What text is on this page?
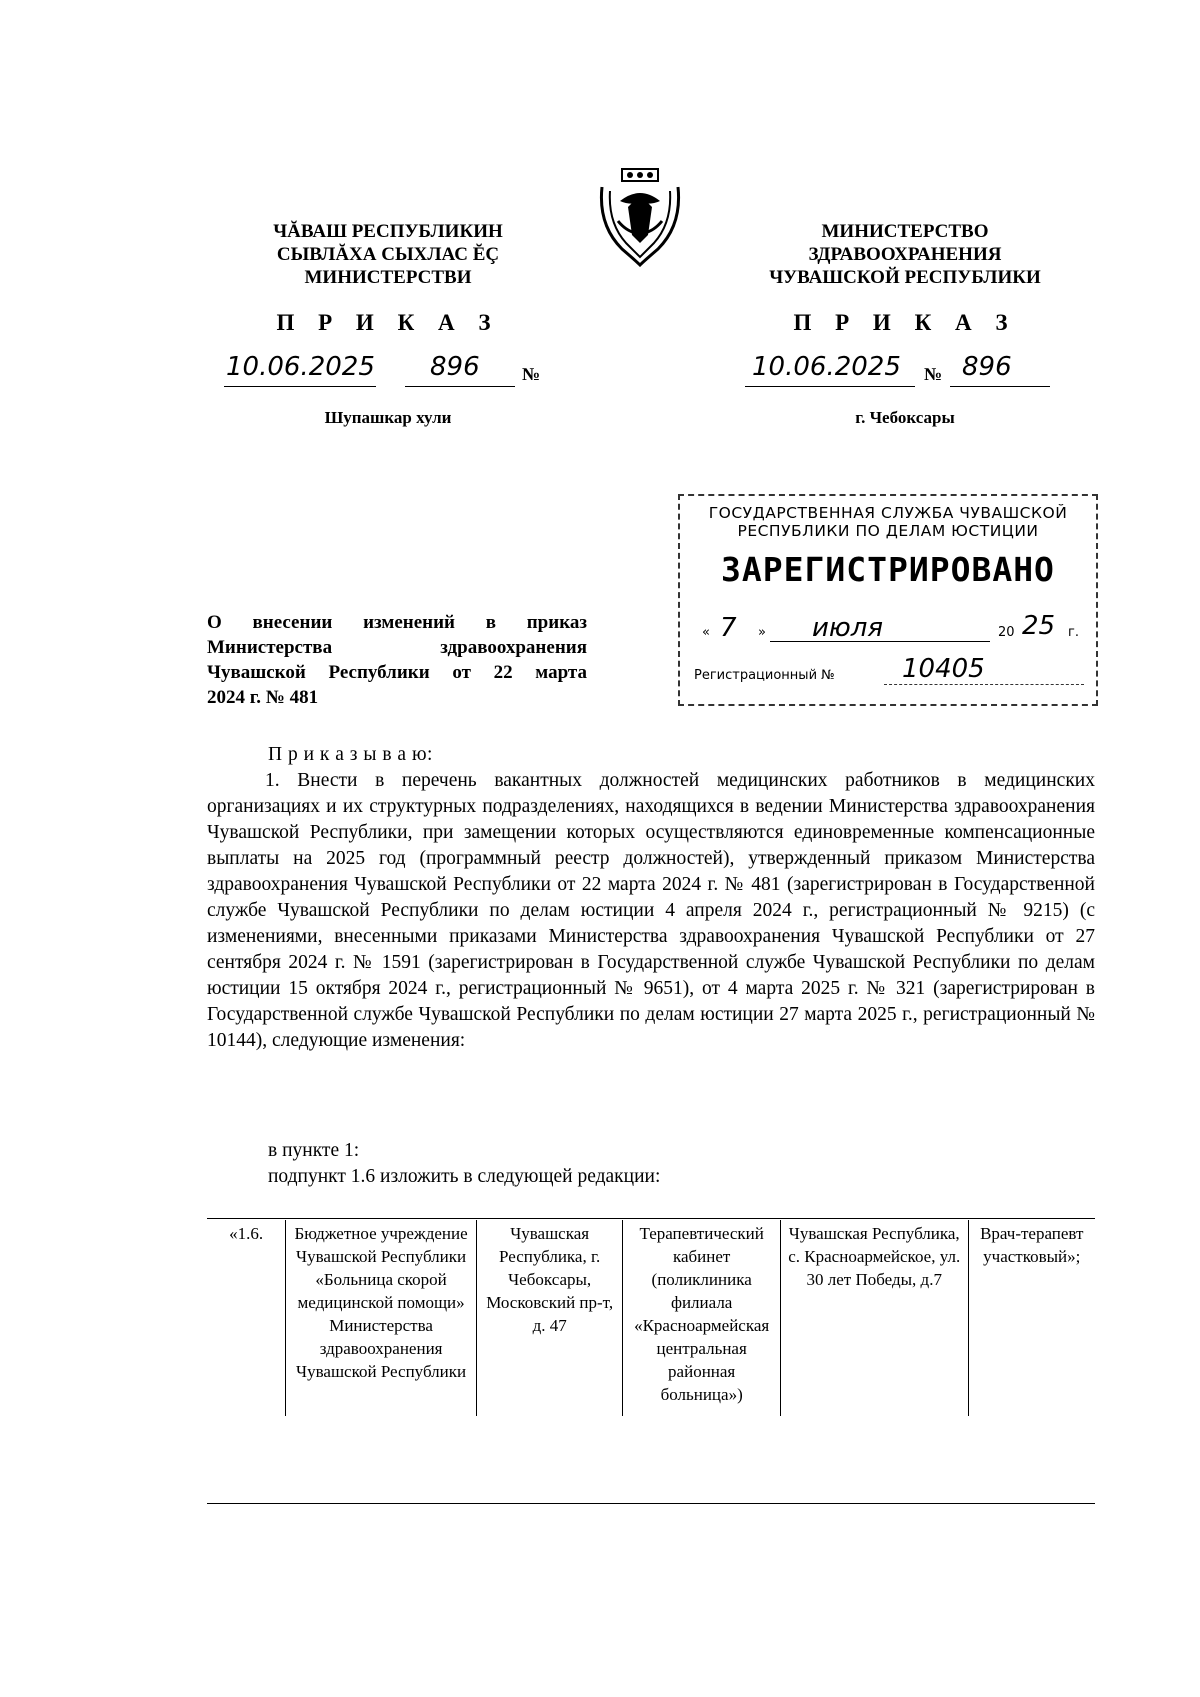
ЧĂВАШ РЕСПУБЛИКИН
СЫВЛĂХА СЫХЛАС ĔÇ
МИНИСТЕРСТВИ
П Р И К А З
10.06.2025 896	№
Шупашкар хули
МИНИСТЕРСТВО
ЗДРАВООХРАНЕНИЯ
ЧУВАШСКОЙ РЕСПУБЛИКИ
П Р И К А З
10.06.2025	№ 896
г. Чебоксары
ГОСУДАРСТВЕННАЯ СЛУЖБА ЧУВАШСКОЙ
РЕСПУБЛИКИ ПО ДЕЛАМ ЮСТИЦИИ
ЗАРЕГИСТРИРОВАНО
« 7 » июля	20 25 г.
Регистрационный №	10405
О внесении изменений в приказ
Министерства здравоохранения
Чувашской Республики от 22 марта
2024 г. № 481
П р и к а з ы в а ю:

1. Внести в перечень вакантных должностей медицинских работников в медицинских организациях и их структурных подразделениях, находящихся в ведении Министерства здравоохранения Чувашской Республики, при замещении которых осуществляются единовременные компенсационные выплаты на 2025 год (программный реестр должностей), утвержденный приказом Министерства здравоохранения Чувашской Республики от 22 марта 2024 г. № 481 (зарегистрирован в Государственной службе Чувашской Республики по делам юстиции 4 апреля 2024 г., регистрационный № 9215) (с изменениями, внесенными приказами Министерства здравоохранения Чувашской Республики от 27 сентября 2024 г. № 1591 (зарегистрирован в Государственной службе Чувашской Республики по делам юстиции 15 октября 2024 г., регистрационный № 9651), от 4 марта 2025 г. № 321 (зарегистрирован в Государственной службе Чувашской Республики по делам юстиции 27 марта 2025 г., регистрационный № 10144), следующие изменения:

в пункте 1:
подпункт 1.6 изложить в следующей редакции:
«1.6.	Бюджетное учреждение Чувашской Республики «Больница скорой медицинской помощи» Министерства здравоохранения Чувашской Республики	Чувашская Республика, г. Чебоксары, Московский пр-т, д. 47	Терапевтический кабинет (поликлиника филиала «Красноармейская центральная районная больница»)	Чувашская Республика, с. Красноармейское, ул. 30 лет Победы, д.7	Врач-терапевт участковый»;
